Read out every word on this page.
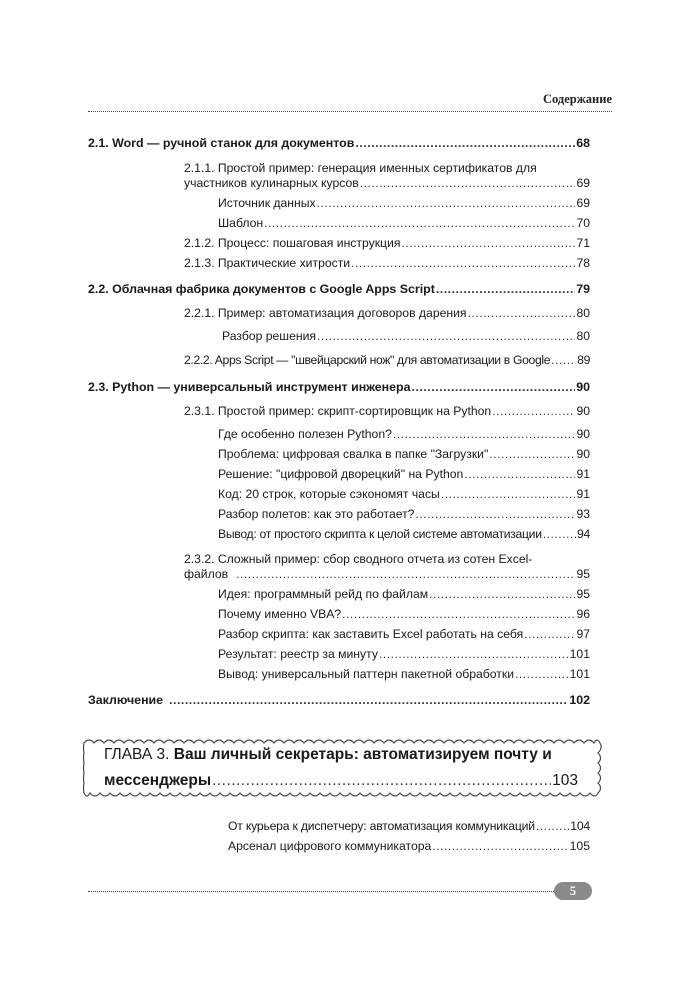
Содержание
2.1. Word — ручной станок для документов .....	68
2.1.1. Простой пример: генерация именных сертификатов для
участников кулинарных курсов .....	69
Источник данных .....	69
Шаблон .....	70
2.1.2. Процесс: пошаговая инструкция .....	71
2.1.3. Практические хитрости .....	78
2.2. Облачная фабрика документов с Google Apps Script .....	79
2.2.1. Пример: автоматизация договоров дарения .....	80
Разбор решения .....	80
2.2.2. Apps Script — "швейцарский нож" для автоматизации в Google ..... 89
2.3. Python — универсальный инструмент инженера .....	90
2.3.1. Простой пример: скрипт-сортировщик на Python .....	90
Где особенно полезен Python? .....	90
Проблема: цифровая свалка в папке "Загрузки" .....	90
Решение: "цифровой дворецкий" на Python .....	91
Код: 20 строк, которые сэкономят часы .....	91
Разбор полетов: как это работает? .....	93
Вывод: от простого скрипта к целой системе автоматизации .....	94
2.3.2. Сложный пример: сбор сводного отчета из сотен Excel-
файлов .....	95
Идея: программный рейд по файлам .....	95
Почему именно VBA? .....	96
Разбор скрипта: как заставить Excel работать на себя .....	97
Результат: реестр за минуту .....	101
Вывод: универсальный паттерн пакетной обработки .....	101
Заключение .....	102
ГЛАВА 3. Ваш личный секретарь: автоматизируем почту и
мессенджеры .....	103
От курьера к диспетчеру: автоматизация коммуникаций .....	104
Арсенал цифрового коммуникатора .....	105
5
